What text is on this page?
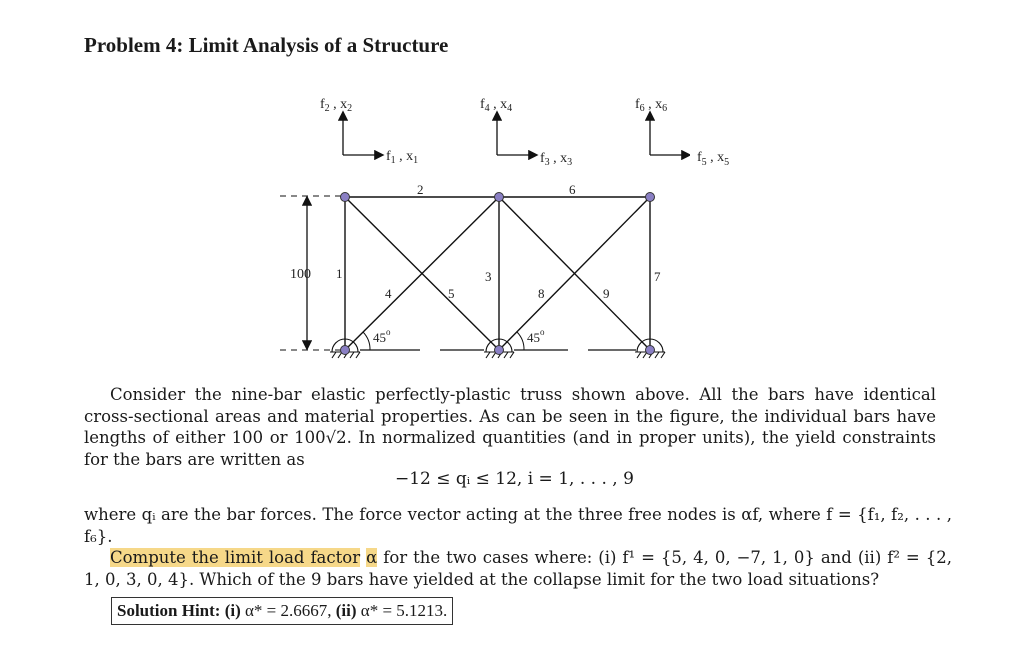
Problem 4: Limit Analysis of a Structure
$f_2$ , $x_2$
$f_1$ , $x_1$
$f_4$ , $x_4$
$f_3$ , $x_3$
$f_6$ , $x_6$
100
45$^o$	45$^o$
1
2
3
4	5
6
7
8	9
$f_5$ , $x_5$
Consider the nine-bar elastic perfectly-plastic truss shown above. All the bars have identical cross-sectional areas and material properties. As can be seen in the figure, the individual bars have lengths of either 100 or 100√2. In normalized quantities (and in proper units), the yield constraints for the bars are written as
−12 ≤ qᵢ ≤ 12, i = 1, . . . , 9
where qᵢ are the bar forces. The force vector acting at the three free nodes is αf, where f = {f₁, f₂, . . . , f₆}.
Compute the limit load factor α for the two cases where: (i) f¹ = {5, 4, 0, −7, 1, 0} and (ii) f² = {2, 1, 0, 3, 0, 4}. Which of the 9 bars have yielded at the collapse limit for the two load situations?
Solution Hint: (i) α* = 2.6667, (ii) α* = 5.1213.
